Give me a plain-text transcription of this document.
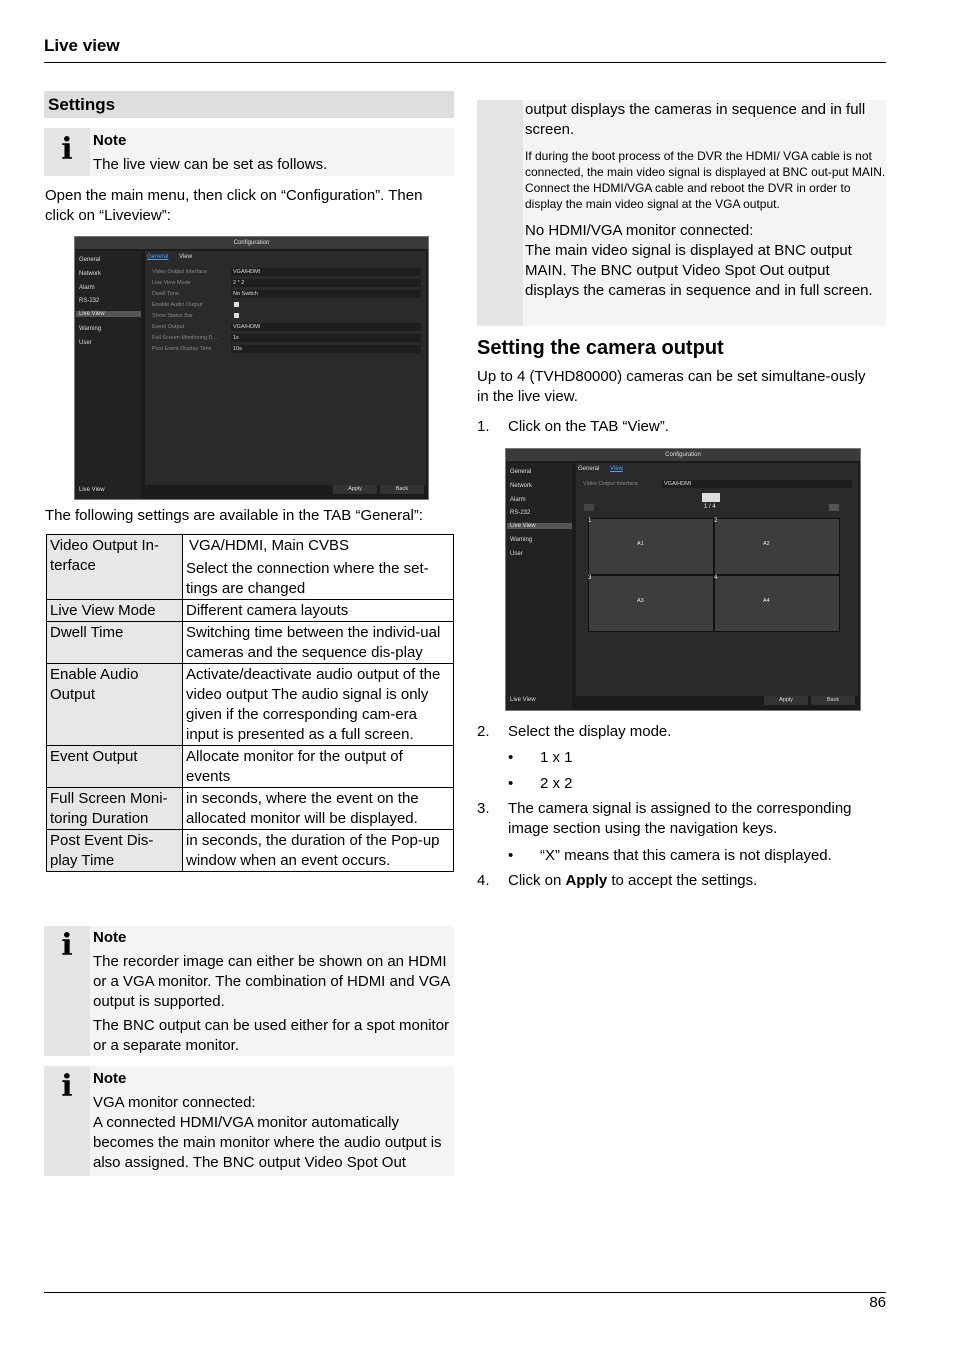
Live view
Settings
i	Note

The live view can be set as follows.

Open the main menu, then click on “Configuration”. Then click on “Liveview”:
Configuration
General
Network
Alarm
RS-232
Live View
Warning
User
Live View
General View
Video Output Interface	VGA/HDMI
Live View Mode	2 * 2
Dwell Time	No Switch
Enable Audio Output
Show Status Bar
Event Output	VGA/HDMI
Full Screen Monitoring D...	1s
Post Event Display Time	10s
Apply	Back
The following settings are available in the TAB “General”:
Video Output In-terface	VGA/HDMI, Main CVBS

Select the connection where the set-tings are changed

Live View Mode	Different camera layouts
Dwell Time	Switching time between the individ-ual cameras and the sequence dis-play
Enable Audio Output	Activate/deactivate audio output of the video output The audio signal is only given if the corresponding cam-era input is presented as a full screen.
Event Output	Allocate monitor for the output of events
Full Screen Moni-toring Duration	in seconds, where the event on the allocated monitor will be displayed.
Post Event Dis-play Time	in seconds, the duration of the Pop-up window when an event occurs.
i	Note

The recorder image can either be shown on an HDMI or a VGA monitor. The combination of HDMI and VGA output is supported.

The BNC output can be used either for a spot monitor or a separate monitor.

i	Note

VGA monitor connected:

A connected HDMI/VGA monitor automatically becomes the main monitor where the audio output is also assigned. The BNC output Video Spot Out

output displays the cameras in sequence and in full screen.

If during the boot process of the DVR the HDMI/ VGA cable is not connected, the main video signal is displayed at BNC out-put MAIN. Connect the HDMI/VGA cable and reboot the DVR in order to display the main video signal at the VGA output.

No HDMI/VGA monitor connected:

The main video signal is displayed at BNC output MAIN. The BNC output Video Spot Out output displays the cameras in sequence and in full screen.

Setting the camera output
Up to 4 (TVHD80000) cameras can be set simultane-ously in the live view.
1. Click on the TAB “View”.
Configuration
General
Network
Alarm
RS-232
Live View
Warning
User
Live View
General View
Video Output Interface	VGA/HDMI
1 / 4
1
A1
2
A2
3
A3
4
A4
Apply	Back
2. Select the display mode.
• 1 x 1
• 2 x 2
3. The camera signal is assigned to the corresponding image section using the navigation keys.
• “X” means that this camera is not displayed.
4. Click on Apply to accept the settings.
86
